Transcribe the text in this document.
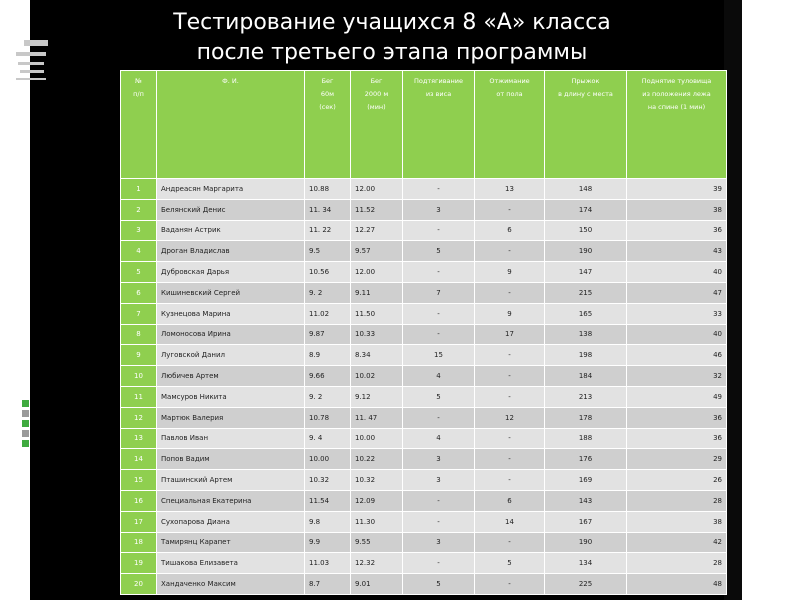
Тестирование учащихся 8 «А» класса
после третьего этапа программы
№
п/п	Ф. И.	Бег
60м
(сек)	Бег
2000 м
(мин)	Подтягивание
из виса	Отжимание
от пола	Прыжок
в длину с места	Поднятие туловища
из положения лежа
на спине (1 мин)
1	Андреасян Маргарита	10.88	12.00	-	13	148	39
2	Белянский Денис	11. 34	11.52	3	-	174	38
3	Ваданян Астрик	11. 22	12.27	-	6	150	36
4	Дроган Владислав	9.5	9.57	5	-	190	43
5	Дубровская Дарья	10.56	12.00	-	9	147	40
6	Кишиневский Сергей	9. 2	9.11	7	-	215	47
7	Кузнецова Марина	11.02	11.50	-	9	165	33
8	Ломоносова Ирина	9.87	10.33	-	17	138	40
9	Луговской Данил	8.9	8.34	15	-	198	46
10	Любичев Артем	9.66	10.02	4	-	184	32
11	Мамсуров Никита	9. 2	9.12	5	-	213	49
12	Мартюк Валерия	10.78	11. 47	-	12	178	36
13	Павлов Иван	9. 4	10.00	4	-	188	36
14	Попов Вадим	10.00	10.22	3	-	176	29
15	Пташинский Артем	10.32	10.32	3	-	169	26
16	Специальная Екатерина	11.54	12.09	-	6	143	28
17	Сухопарова Диана	9.8	11.30	-	14	167	38
18	Тамирянц Карапет	9.9	9.55	3	-	190	42
19	Тишакова Елизавета	11.03	12.32	-	5	134	28
20	Хандаченко Максим	8.7	9.01	5	-	225	48
